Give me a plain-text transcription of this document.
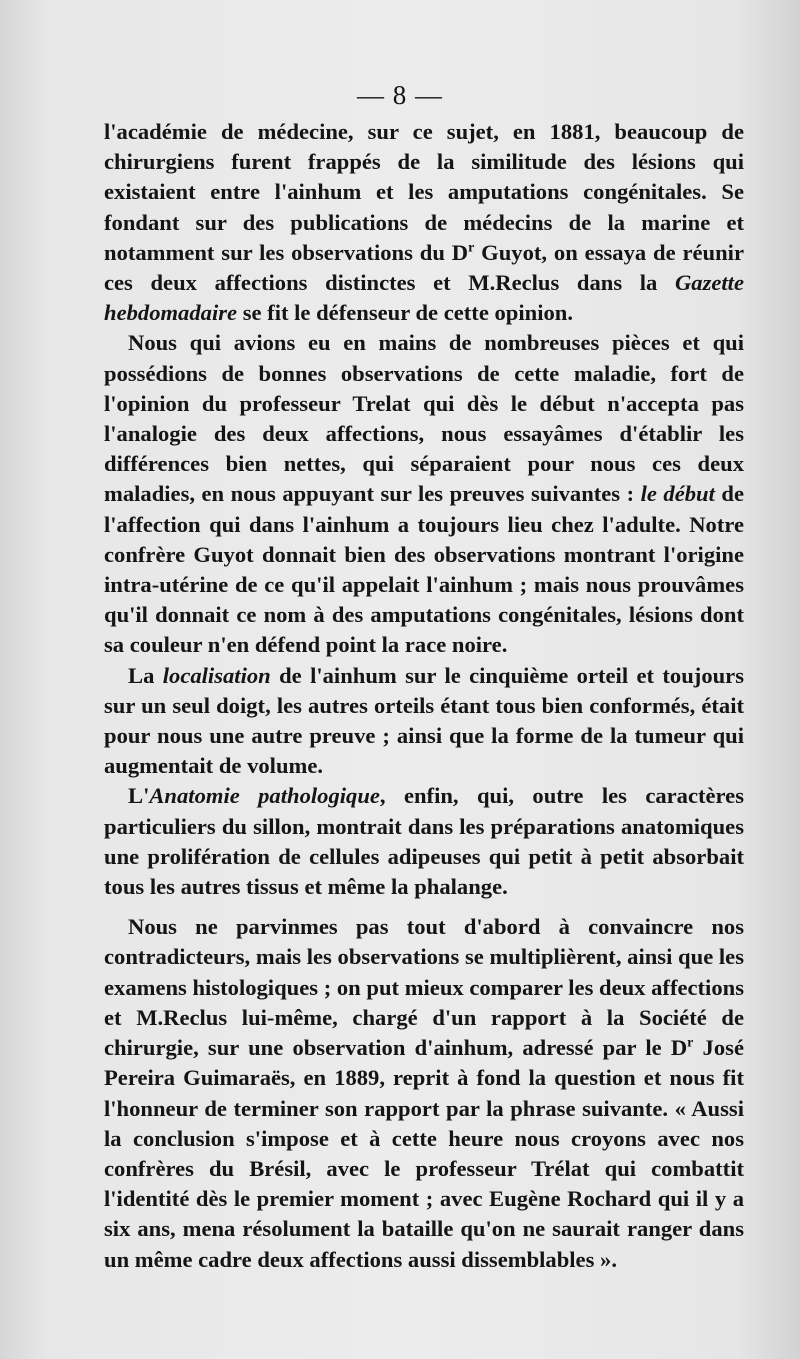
— 8 —

l'académie de médecine, sur ce sujet, en 1881, beaucoup de chirurgiens furent frappés de la similitude des lésions qui existaient entre l'ainhum et les amputations congénitales. Se fondant sur des publications de médecins de la marine et notamment sur les observations du $D^r$ Guyot, on essaya de réunir ces deux affections distinctes et M.Reclus dans la Gazette hebdomadaire se fit le défenseur de cette opinion.

Nous qui avions eu en mains de nombreuses pièces et qui possédions de bonnes observations de cette maladie, fort de l'opinion du professeur Trelat qui dès le début n'accepta pas l'analogie des deux affections, nous essayâmes d'établir les différences bien nettes, qui séparaient pour nous ces deux maladies, en nous appuyant sur les preuves suivantes : le début de l'affection qui dans l'ainhum a toujours lieu chez l'adulte. Notre confrère Guyot donnait bien des observations montrant l'origine intra-utérine de ce qu'il appelait l'ainhum ; mais nous prouvâmes qu'il donnait ce nom à des amputations congénitales, lésions dont sa couleur n'en défend point la race noire.

La localisation de l'ainhum sur le cinquième orteil et toujours sur un seul doigt, les autres orteils étant tous bien conformés, était pour nous une autre preuve ; ainsi que la forme de la tumeur qui augmentait de volume.

L'Anatomie pathologique, enfin, qui, outre les caractères particuliers du sillon, montrait dans les préparations anatomiques une prolifération de cellules adipeuses qui petit à petit absorbait tous les autres tissus et même la phalange.

Nous ne parvinmes pas tout d'abord à convaincre nos contradicteurs, mais les observations se multiplièrent, ainsi que les examens histologiques ; on put mieux comparer les deux affections et M.Reclus lui-même, chargé d'un rapport à la Société de chirurgie, sur une observation d'ainhum, adressé par le $D^r$ José Pereira Guimaraës, en 1889, reprit à fond la question et nous fit l'honneur de terminer son rapport par la phrase suivante. « Aussi la conclusion s'impose et à cette heure nous croyons avec nos confrères du Brésil, avec le professeur Trélat qui combattit l'identité dès le premier moment ; avec Eugène Rochard qui il y a six ans, mena résolument la bataille qu'on ne saurait ranger dans un même cadre deux affections aussi dissemblables ».
